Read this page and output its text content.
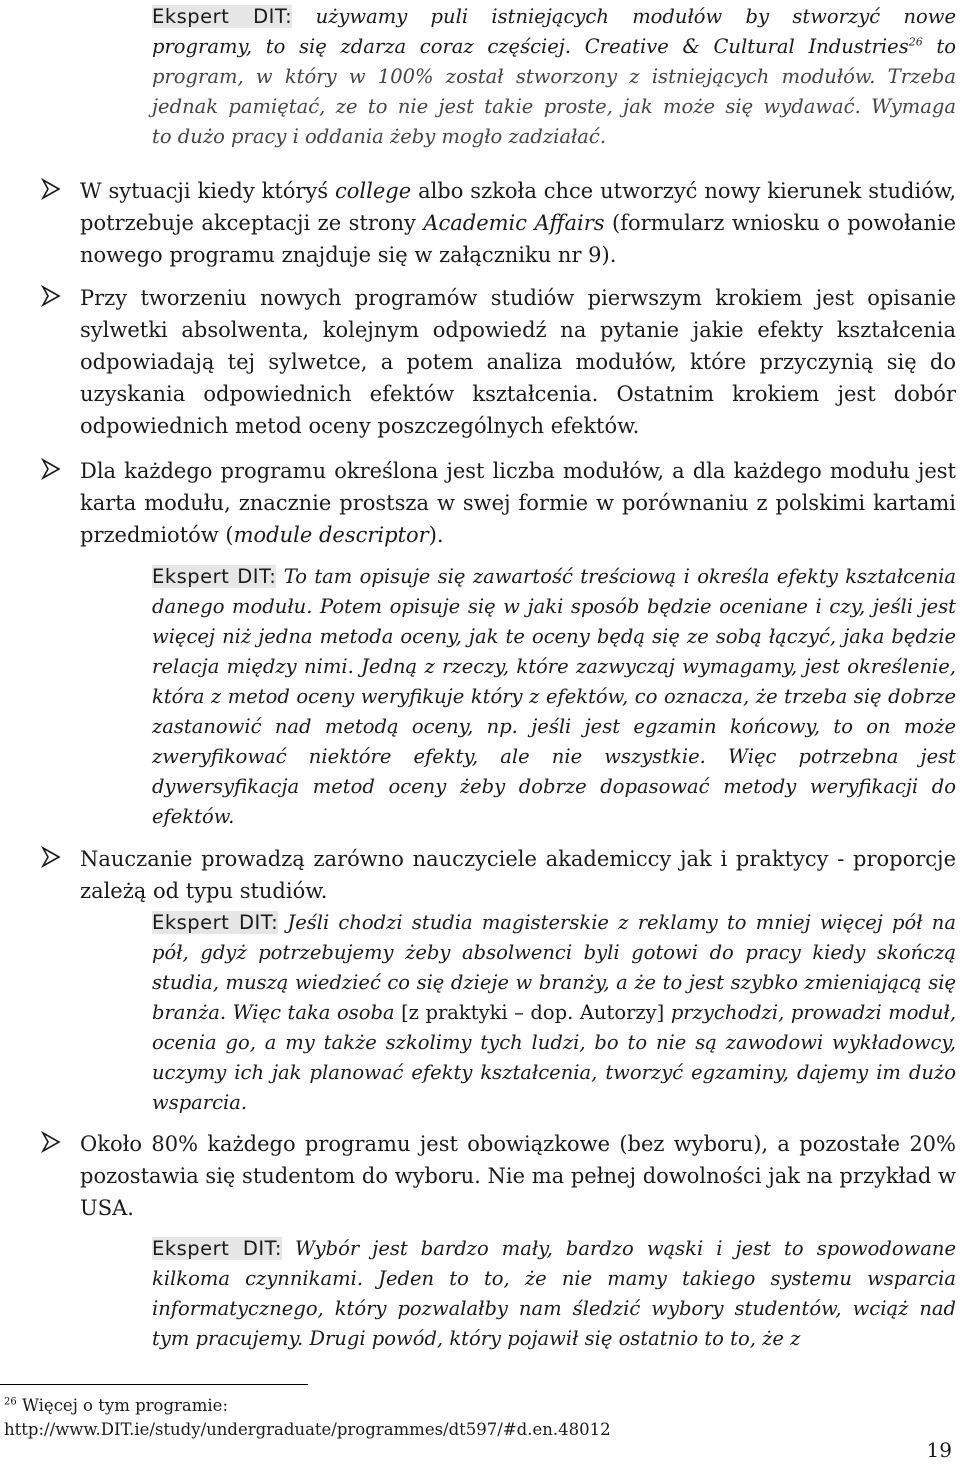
Ekspert DIT: używamy puli istniejących modułów by stworzyć nowe
programy, to się zdarza coraz częściej. Creative & Cultural Industries$^{26}$ to
program, w który w 100% został stworzony z istniejących modułów. Trzeba
jednak pamiętać, ze to nie jest takie proste, jak może się wydawać. Wymaga
to dużo pracy i oddania żeby mogło zadziałać.
W sytuacji kiedy któryś college albo szkoła chce utworzyć nowy kierunek studiów, potrzebuje akceptacji ze strony Academic Affairs (formularz wniosku o powołanie nowego programu znajduje się w załączniku nr 9).
Przy tworzeniu nowych programów studiów pierwszym krokiem jest opisanie sylwetki absolwenta, kolejnym odpowiedź na pytanie jakie efekty kształcenia odpowiadają tej sylwetce, a potem analiza modułów, które przyczynią się do uzyskania odpowiednich efektów kształcenia. Ostatnim krokiem jest dobór odpowiednich metod oceny poszczególnych efektów.
Dla każdego programu określona jest liczba modułów, a dla każdego modułu jest karta modułu, znacznie prostsza w swej formie w porównaniu z polskimi kartami przedmiotów (module descriptor).
Ekspert DIT: To tam opisuje się zawartość treściową i określa efekty kształcenia danego modułu. Potem opisuje się w jaki sposób będzie oceniane i czy, jeśli jest więcej niż jedna metoda oceny, jak te oceny będą się ze sobą łączyć, jaka będzie relacja między nimi. Jedną z rzeczy, które zazwyczaj wymagamy, jest określenie, która z metod oceny weryfikuje który z efektów, co oznacza, że trzeba się dobrze zastanowić nad metodą oceny, np. jeśli jest egzamin końcowy, to on może zweryfikować niektóre efekty, ale nie wszystkie. Więc potrzebna jest dywersyfikacja metod oceny żeby dobrze dopasować metody weryfikacji do efektów.
Nauczanie prowadzą zarówno nauczyciele akademiccy jak i praktycy - proporcje zależą od typu studiów.
Ekspert DIT: Jeśli chodzi studia magisterskie z reklamy to mniej więcej pół na pół, gdyż potrzebujemy żeby absolwenci byli gotowi do pracy kiedy skończą studia, muszą wiedzieć co się dzieje w branży, a że to jest szybko zmieniającą się branża. Więc taka osoba [z praktyki – dop. Autorzy] przychodzi, prowadzi moduł, ocenia go, a my także szkolimy tych ludzi, bo to nie są zawodowi wykładowcy, uczymy ich jak planować efekty kształcenia, tworzyć egzaminy, dajemy im dużo wsparcia.
Około 80% każdego programu jest obowiązkowe (bez wyboru), a pozostałe 20% pozostawia się studentom do wyboru. Nie ma pełnej dowolności jak na przykład w USA.
Ekspert DIT: Wybór jest bardzo mały, bardzo wąski i jest to spowodowane kilkoma czynnikami. Jeden to to, że nie mamy takiego systemu wsparcia informatycznego, który pozwalałby nam śledzić wybory studentów, wciąż nad tym pracujemy. Drugi powód, który pojawił się ostatnio to to, że z
$^{26}$ Więcej o tym programie:
http://www.DIT.ie/study/undergraduate/programmes/dt597/#d.en.48012
19
